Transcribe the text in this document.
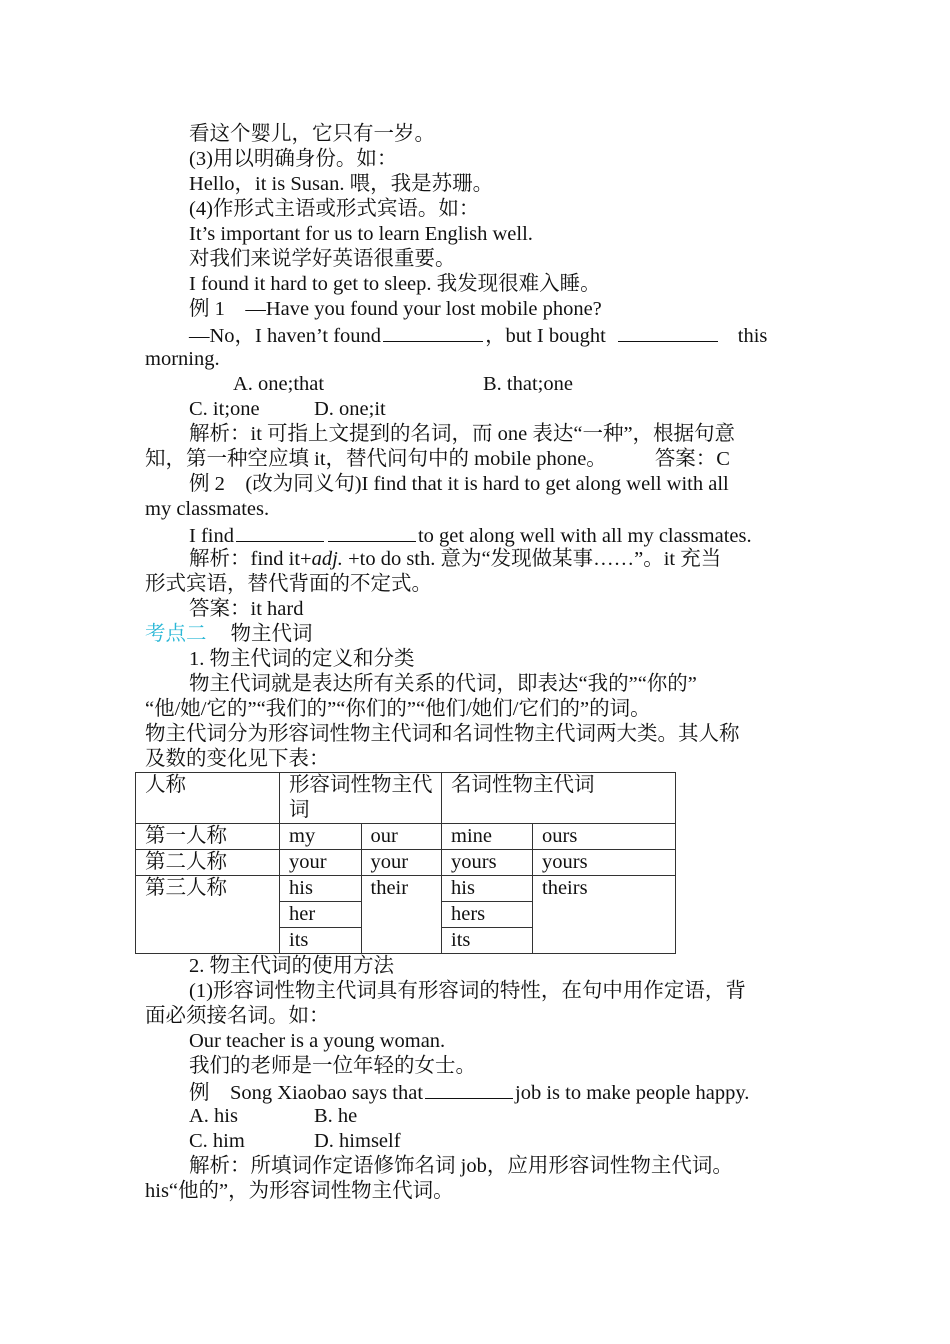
看这个婴儿，它只有一岁。
(3)用以明确身份。如：
Hello，it is Susan. 喂，我是苏珊。
(4)作形式主语或形式宾语。如：
It’s important for us to learn English well.
对我们来说学好英语很重要。
I found it hard to get to sleep. 我发现很难入睡。
例 1　—Have you found your lost mobile phone?
—No，I haven’t found	，but I bought	this
morning.
A. one;that	B. that;one
C. it;one	D. one;it
解析：it 可指上文提到的名词，而 one 表达“一种”，根据句意
知，第一种空应填 it，替代问句中的 mobile phone。 答案：C
例 2　(改为同义句)I find that it is hard to get along well with all
my classmates.
I find	to get along well with all my classmates.
解析：find it+adj. +to do sth. 意为“发现做某事……”。it 充当
形式宾语，替代背面的不定式。
答案：it hard
考点二 物主代词
1. 物主代词的定义和分类
物主代词就是表达所有关系的代词，即表达“我的”“你的”
“他/她/它的”“我们的”“你们的”“他们/她们/它们的”的词。
物主代词分为形容词性物主代词和名词性物主代词两大类。其人称
及数的变化见下表：
人称	形容词性物主代词		名词性物主代词	
第一人称	my	our	mine	ours
第二人称	your	your	yours	yours
第三人称	his	their	his	theirs
	her		hers	
	its		its	
2. 物主代词的使用方法
(1)形容词性物主代词具有形容词的特性，在句中用作定语，背
面必须接名词。如：
Our teacher is a young woman.
我们的老师是一位年轻的女士。
例　Song Xiaobao says that	job is to make people happy.
A. his	B. he
C. him	D. himself
解析：所填词作定语修饰名词 job，应用形容词性物主代词。
his“他的”，为形容词性物主代词。
